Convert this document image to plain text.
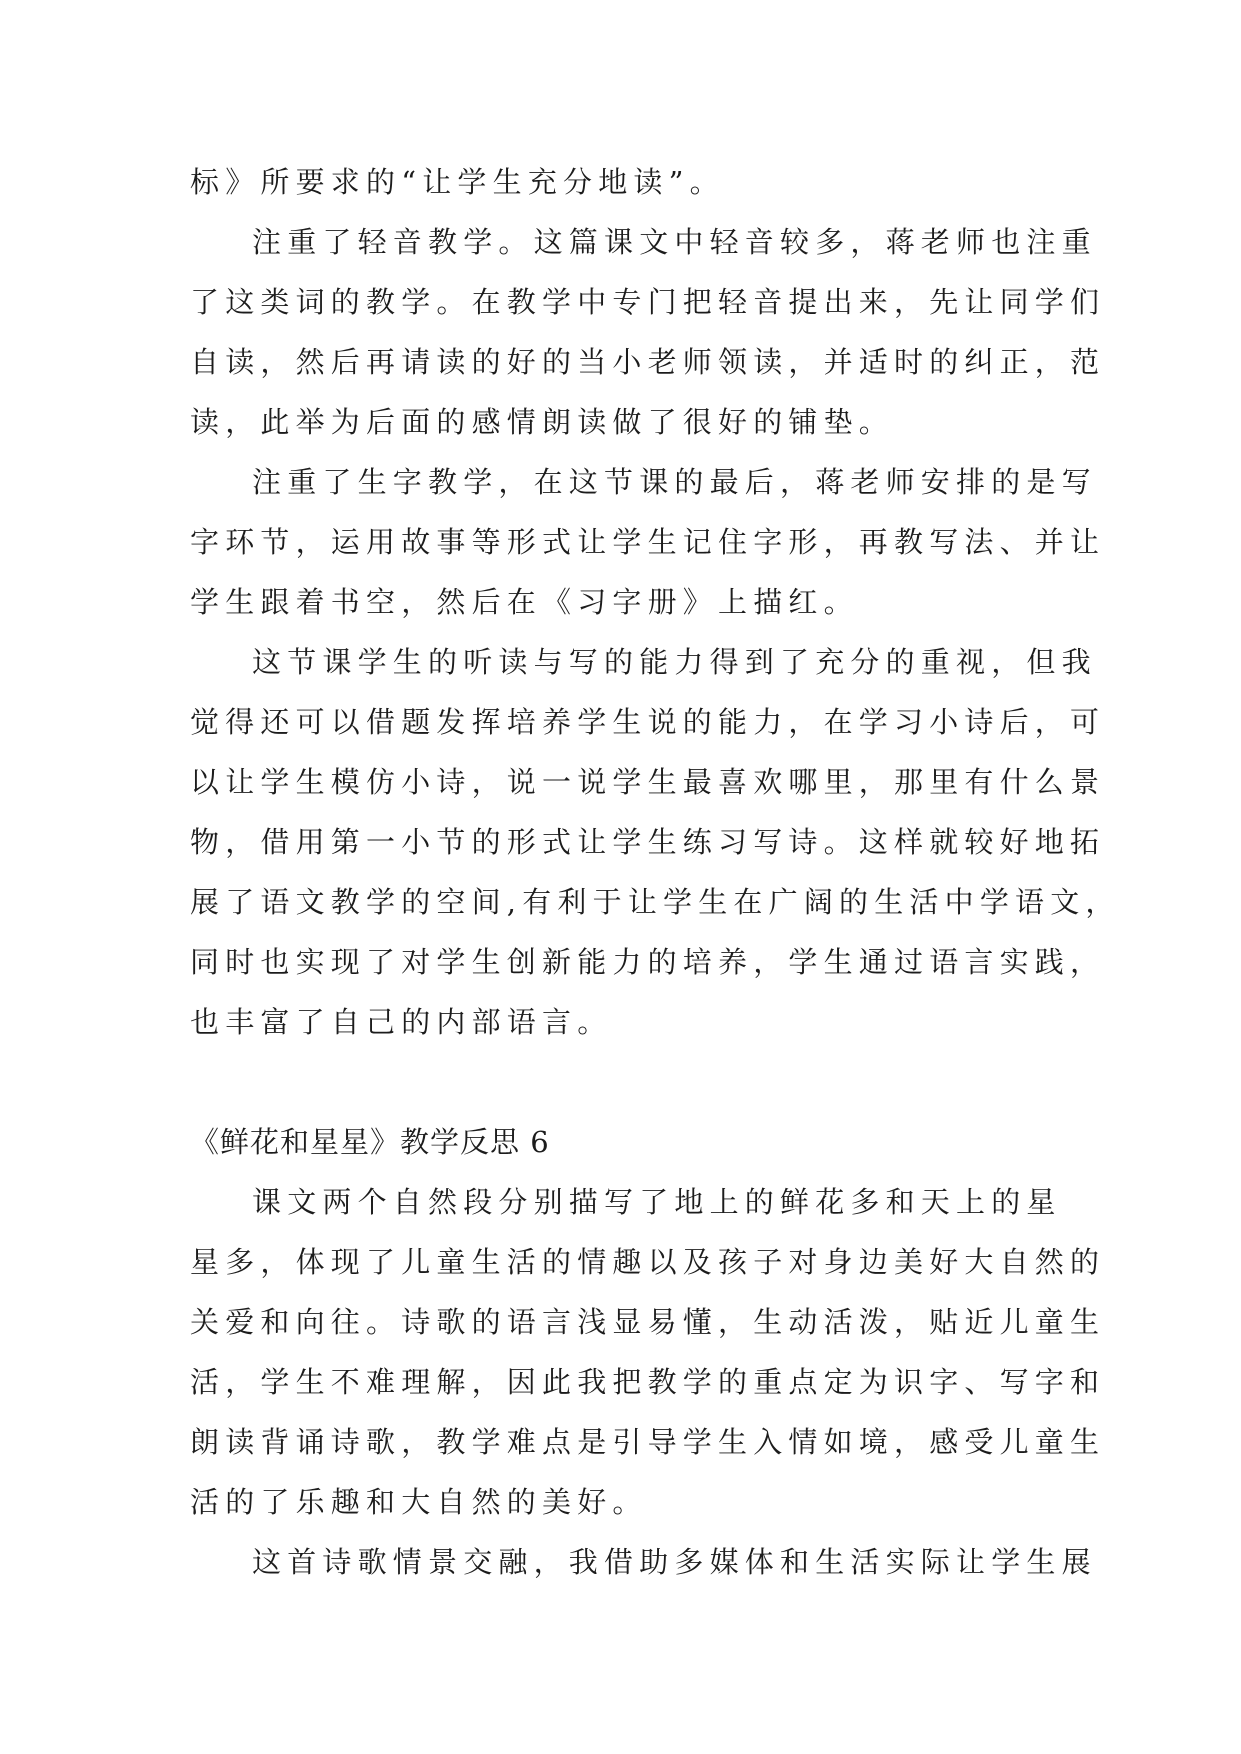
标》所要求的“让学生充分地读”。
注重了轻音教学。这篇课文中轻音较多，蒋老师也注重
了这类词的教学。在教学中专门把轻音提出来，先让同学们
自读，然后再请读的好的当小老师领读，并适时的纠正，范
读，此举为后面的感情朗读做了很好的铺垫。
注重了生字教学，在这节课的最后，蒋老师安排的是写
字环节，运用故事等形式让学生记住字形，再教写法、并让
学生跟着书空，然后在《习字册》上描红。
这节课学生的听读与写的能力得到了充分的重视，但我
觉得还可以借题发挥培养学生说的能力，在学习小诗后，可
以让学生模仿小诗，说一说学生最喜欢哪里，那里有什么景
物，借用第一小节的形式让学生练习写诗。这样就较好地拓
展了语文教学的空间,有利于让学生在广阔的生活中学语文，
同时也实现了对学生创新能力的培养，学生通过语言实践，
也丰富了自己的内部语言。
《鲜花和星星》教学反思 6
课文两个自然段分别描写了地上的鲜花多和天上的星
星多，体现了儿童生活的情趣以及孩子对身边美好大自然的
关爱和向往。诗歌的语言浅显易懂，生动活泼，贴近儿童生
活，学生不难理解，因此我把教学的重点定为识字、写字和
朗读背诵诗歌，教学难点是引导学生入情如境，感受儿童生
活的了乐趣和大自然的美好。
这首诗歌情景交融，我借助多媒体和生活实际让学生展
